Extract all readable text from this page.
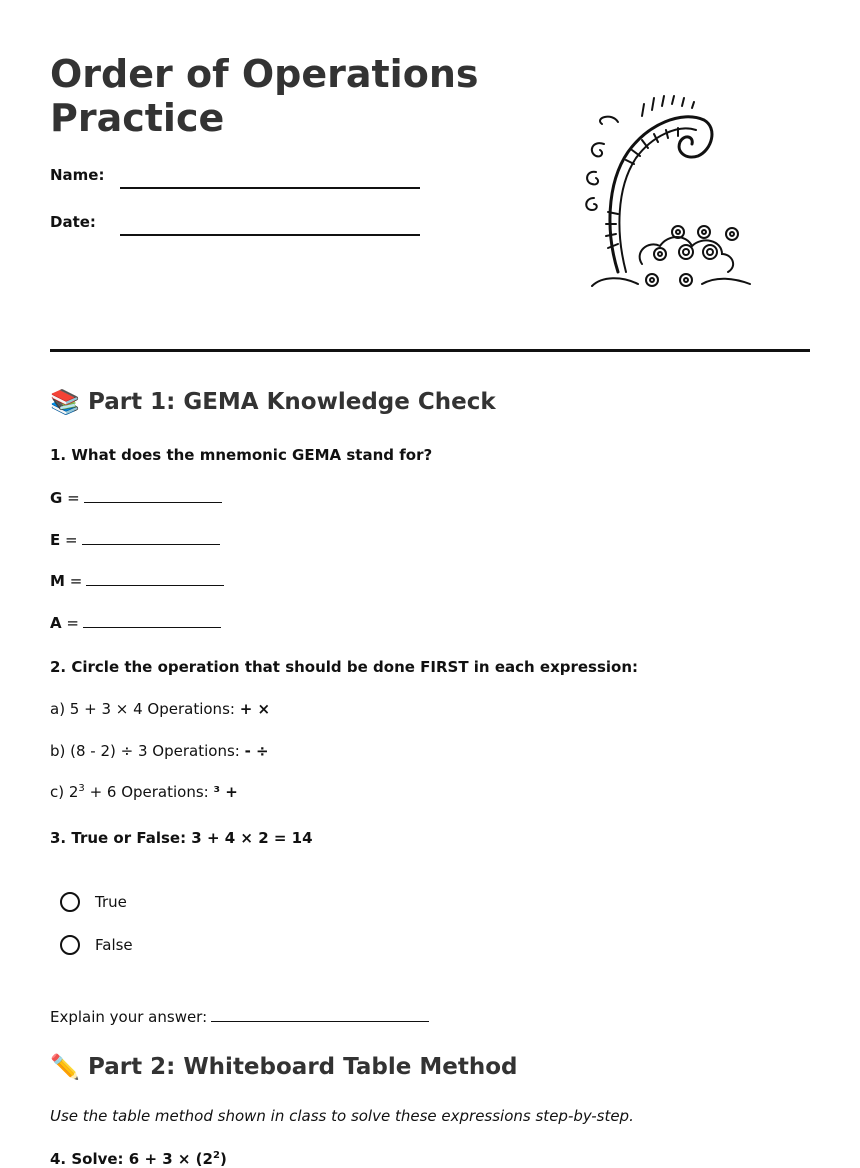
Order of Operations
Practice
Name:
Date:
📚 Part 1: GEMA Knowledge Check
1. What does the mnemonic GEMA stand for?
G =
E =
M =
A =
2. Circle the operation that should be done FIRST in each expression:
a) 5 + 3 × 4 Operations: + ×
b) (8 - 2) ÷ 3 Operations: - ÷
c) $2^3 + 6$ Operations: ³ +
3. True or False: 3 + 4 × 2 = 14
True
False
Explain your answer:
✏️ Part 2: Whiteboard Table Method
Use the table method shown in class to solve these expressions step-by-step.
4. Solve: $6 + 3 \times (2^2)$
